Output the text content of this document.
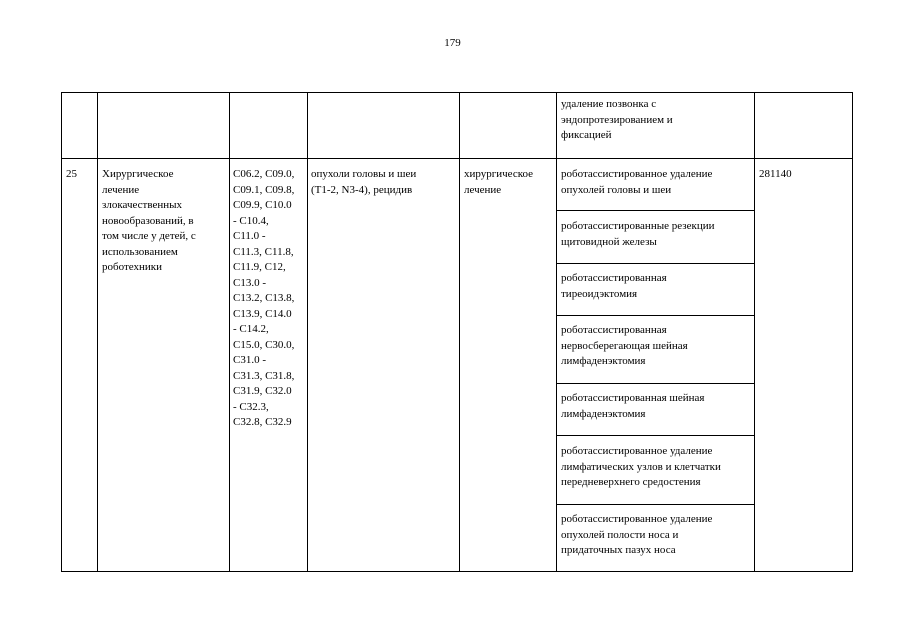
179
удаление позвонка с
эндопротезированием и
фиксацией
25	Хирургическое
лечение
злокачественных
новообразований, в
том числе у детей, с
использованием
роботехники
C06.2, C09.0,
C09.1, C09.8,
C09.9, C10.0
- C10.4,
C11.0 -
C11.3, C11.8,
C11.9, C12,
C13.0 -
C13.2, C13.8,
C13.9, C14.0
- C14.2,
C15.0, C30.0,
C31.0 -
C31.3, C31.8,
C31.9, C32.0
- C32.3,
C32.8, C32.9
опухоли головы и шеи
(T1-2, N3-4), рецидив
хирургическое
лечение
281140
роботассистированное удаление
опухолей головы и шеи
роботассистированные резекции
щитовидной железы
роботассистированная
тиреоидэктомия
роботассистированная
нервосберегающая шейная
лимфаденэктомия
роботассистированная шейная
лимфаденэктомия
роботассистированное удаление
лимфатических узлов и клетчатки
передневерхнего средостения
роботассистированное удаление
опухолей полости носа и
придаточных пазух носа
